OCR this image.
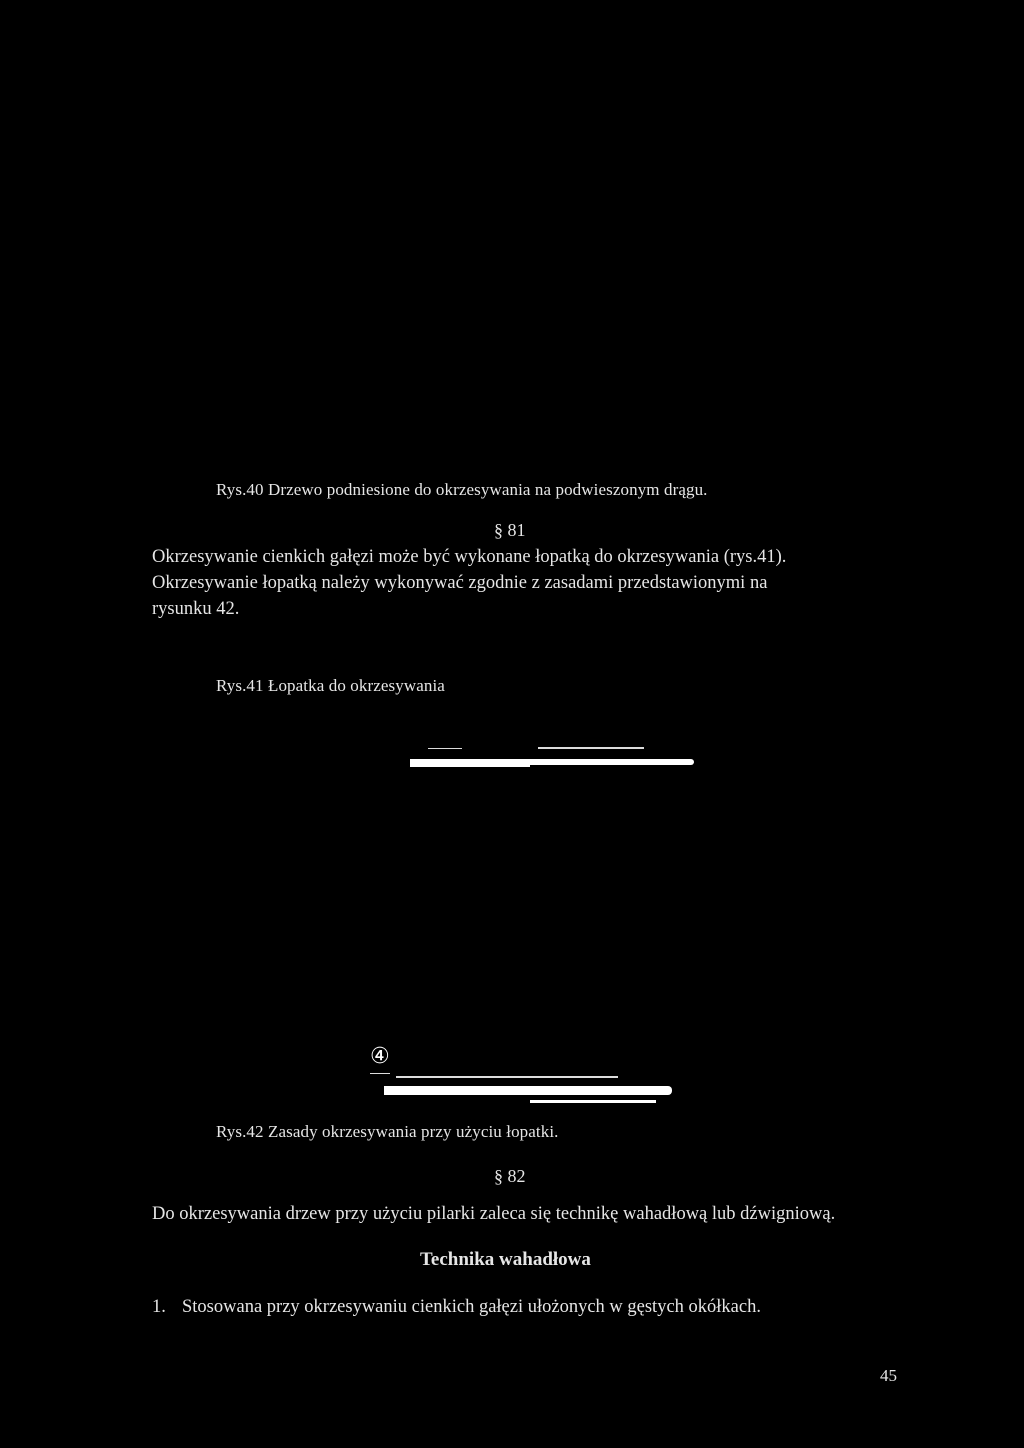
Rys.40 Drzewo podniesione do okrzesywania na podwieszonym drągu.
§ 81
Okrzesywanie cienkich gałęzi może być wykonane łopatką do okrzesywania (rys.41).
Okrzesywanie łopatką należy wykonywać zgodnie z zasadami przedstawionymi na
rysunku 42.
Rys.41 Łopatka do okrzesywania
④
Rys.42 Zasady okrzesywania przy użyciu łopatki.
§ 82
Do okrzesywania drzew przy użyciu pilarki zaleca się technikę wahadłową lub dźwigniową.
Technika wahadłowa
1. Stosowana przy okrzesywaniu cienkich gałęzi ułożonych w gęstych okółkach.
45
